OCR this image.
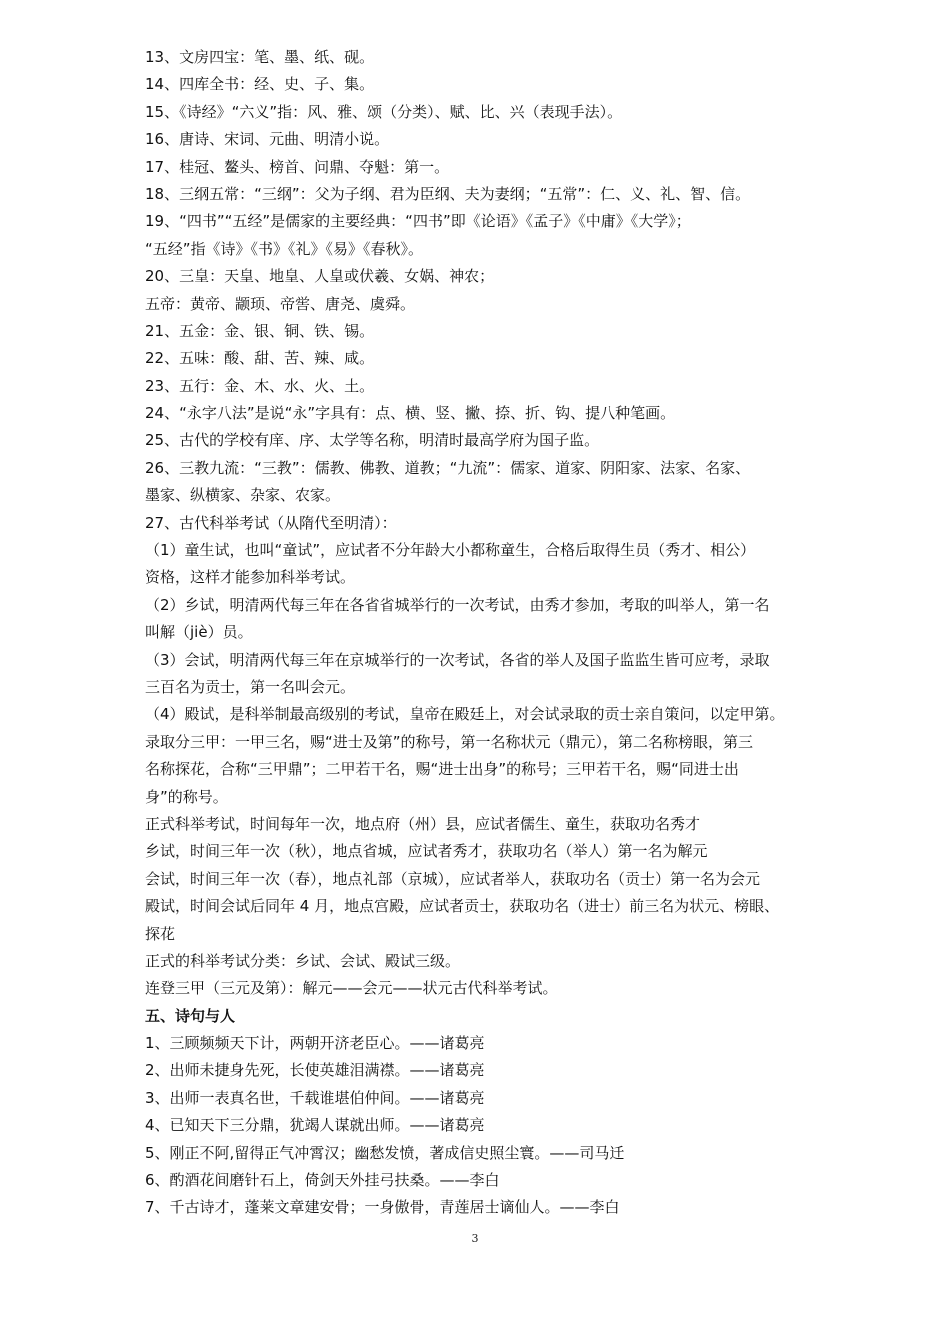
13、文房四宝：笔、墨、纸、砚。
14、四库全书：经、史、子、集。
15、《诗经》“六义”指：风、雅、颂（分类）、赋、比、兴（表现手法）。
16、唐诗、宋词、元曲、明清小说。
17、桂冠、鳌头、榜首、问鼎、夺魁：第一。
18、三纲五常：“三纲”：父为子纲、君为臣纲、夫为妻纲；“五常”：仁、义、礼、智、信。
19、“四书”“五经”是儒家的主要经典：“四书”即《论语》《孟子》《中庸》《大学》；
“五经”指《诗》《书》《礼》《易》《春秋》。
20、三皇：天皇、地皇、人皇或伏羲、女娲、神农；
五帝：黄帝、颛顼、帝喾、唐尧、虞舜。
21、五金：金、银、铜、铁、锡。
22、五味：酸、甜、苦、辣、咸。
23、五行：金、木、水、火、土。
24、“永字八法”是说“永”字具有：点、横、竖、撇、捺、折、钩、提八种笔画。
25、古代的学校有庠、序、太学等名称，明清时最高学府为国子监。
26、三教九流：“三教”：儒教、佛教、道教；“九流”：儒家、道家、阴阳家、法家、名家、
墨家、纵横家、杂家、农家。
27、古代科举考试（从隋代至明清）：
（1）童生试，也叫“童试”，应试者不分年龄大小都称童生，合格后取得生员（秀才、相公）
资格，这样才能参加科举考试。
（2）乡试，明清两代每三年在各省省城举行的一次考试，由秀才参加，考取的叫举人，第一名
叫解（jiè）员。
（3）会试，明清两代每三年在京城举行的一次考试，各省的举人及国子监监生皆可应考，录取
三百名为贡士，第一名叫会元。
（4）殿试，是科举制最高级别的考试，皇帝在殿廷上，对会试录取的贡士亲自策问，以定甲第。
录取分三甲：一甲三名，赐“进士及第”的称号，第一名称状元（鼎元），第二名称榜眼，第三
名称探花，合称“三甲鼎”；二甲若干名，赐“进士出身”的称号；三甲若干名，赐“同进士出
身”的称号。
正式科举考试，时间每年一次，地点府（州）县，应试者儒生、童生，获取功名秀才
乡试，时间三年一次（秋），地点省城，应试者秀才，获取功名（举人）第一名为解元
会试，时间三年一次（春），地点礼部（京城），应试者举人，获取功名（贡士）第一名为会元
殿试，时间会试后同年 4 月，地点宫殿，应试者贡士，获取功名（进士）前三名为状元、榜眼、
探花
正式的科举考试分类：乡试、会试、殿试三级。
连登三甲（三元及第）：解元——会元——状元古代科举考试。
五、诗句与人
1、三顾频频天下计，两朝开济老臣心。——诸葛亮
2、出师未捷身先死，长使英雄泪满襟。——诸葛亮
3、出师一表真名世，千载谁堪伯仲间。——诸葛亮
4、已知天下三分鼎，犹竭人谋就出师。——诸葛亮
5、刚正不阿,留得正气冲霄汉；幽愁发愤，著成信史照尘寰。——司马迁
6、酌酒花间磨针石上，倚剑天外挂弓扶桑。——李白
7、千古诗才，蓬莱文章建安骨；一身傲骨，青莲居士谪仙人。——李白
3
